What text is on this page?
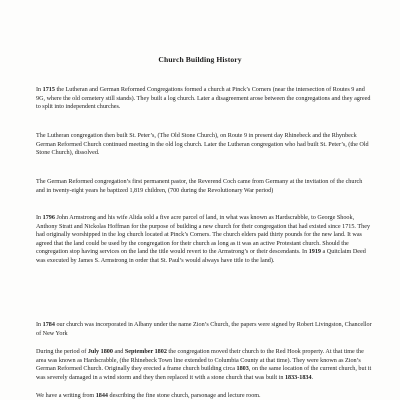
Church Building History

In 1715 the Lutheran and German Reformed Congregations formed a church at Pinck’s Corners (near the intersection of Routes 9 and 9G, where the old cemetery still stands). They built a log church. Later a disagreement arose between the congregations and they agreed to split into independent churches.

The Lutheran congregation then built St. Peter’s, (The Old Stone Church), on Route 9 in present day Rhinebeck and the Rhynbeck German Reformed Church continued meeting in the old log church. Later the Lutheran congregation who had built St. Peter’s, (the Old Stone Church), dissolved.

The German Reformed congregation’s first permanent pastor, the Reverend Coch came from Germany at the invitation of the church and in twenty-eight years he baptized 1,819 children, (700 during the Revolutionary War period)

In 1796 John Armstrong and his wife Alida sold a five acre parcel of land, in what was known as Hardscrabble, to George Shook, Anthony Stratt and Nickolas Hoffman for the purpose of building a new church for their congregation that had existed since 1715. They had originally worshipped in the log church located at Pinck’s Corners. The church elders paid thirty pounds for the new land. It was agreed that the land could be used by the congregation for their church as long as it was an active Protestant church. Should the congregation stop having services on the land the title would revert to the Armstrong’s or their descendants. In 1919 a Quitclaim Deed was executed by James S. Armstrong in order that St. Paul’s would always have title to the land).

In 1784 our church was incorporated in Albany under the name Zion’s Church, the papers were signed by Robert Livingston, Chancellor of New York

During the period of July 1800 and September 1802 the congregation moved their church to the Red Hook property. At that time the area was known as Hardscrabble, (the Rhinebeck Town line extended to Columbia County at that time). They were known as Zion’s German Reformed Church. Originally they erected a frame church building circa 1803, on the same location of the current church, but it was severely damaged in a wind storm and they then replaced it with a stone church that was built in 1833-1834.

We have a writing from 1844 describing the fine stone church, parsonage and lecture room.
